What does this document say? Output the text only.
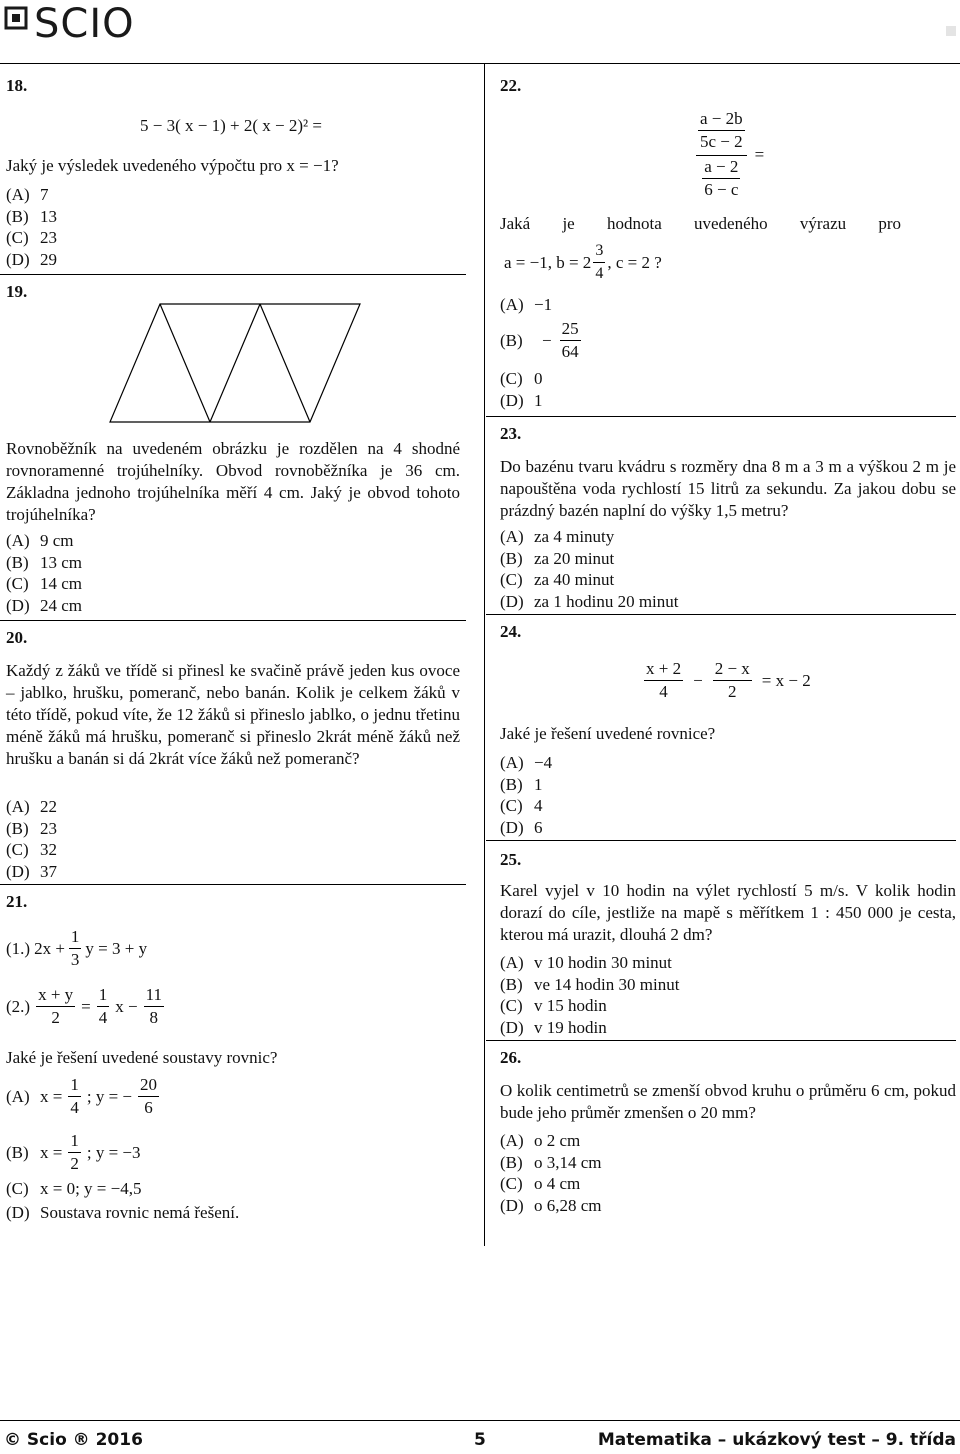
SCIO
18.
5 − 3( x − 1) + 2( x − 2)² =
Jaký je výsledek uvedeného výpočtu pro x = −1?
(A) 7
(B) 13
(C) 23
(D) 29
19.
Rovnoběžník na uvedeném obrázku je rozdělen na 4 shodné rovnoramenné trojúhelníky. Obvod rovnoběžníka je 36 cm. Základna jednoho trojúhelníka měří 4 cm. Jaký je obvod tohoto trojúhelníka?
(A) 9 cm
(B) 13 cm
(C) 14 cm
(D) 24 cm
20.
Každý z žáků ve třídě si přinesl ke svačině právě jeden kus ovoce – jablko, hrušku, pomeranč, nebo banán. Kolik je celkem žáků v této třídě, pokud víte, že 12 žáků si přineslo jablko, o jednu třetinu méně žáků má hrušku, pomeranč si přineslo 2krát méně žáků než hrušku a banán si dá 2krát více žáků než pomeranč?
(A) 22
(B) 23
(C) 32
(D) 37
21.
(1.) $2x + \frac{1}{3}$ y = 3 + y
$(2.) \frac{x + y}{2} = \frac{1}{4}$ $x - \frac{11}{8}$
Jaké je řešení uvedené soustavy rovnic?
(A) $x = \frac{1}{4}$ ; y = − $\frac{20}{6}$
(B) $x = \frac{1}{2}$ ; y = −3
(C) x = 0; y = −4,5
(D) Soustava rovnic nemá řešení.
22.
$\frac{\frac{a - 2b}{5c - 2}}{\frac{a - 2}{6 - c}}$ =
Jaká je hodnota uvedeného výrazu pro
a = −1, $b = 2 \frac{3}{4}$ , c = 2 ?
(A) −1
(B)	− $\frac{25}{64}$
(C) 0
(D) 1
23.
Do bazénu tvaru kvádru s rozměry dna 8 m a 3 m a výškou 2 m je napouštěna voda rychlostí 15 litrů za sekundu. Za jakou dobu se prázdný bazén naplní do výšky 1,5 metru?
(A) za 4 minuty
(B) za 20 minut
(C) za 40 minut
(D) za 1 hodinu 20 minut
24.
$\frac{x + 2}{4} - \frac{2 - x}{2} = x - 2$
Jaké je řešení uvedené rovnice?
(A) −4
(B) 1
(C) 4
(D) 6
25.
Karel vyjel v 10 hodin na výlet rychlostí 5 m/s. V kolik hodin dorazí do cíle, jestliže na mapě s měřítkem 1 : 450 000 je cesta, kterou má urazit, dlouhá 2 dm?
(A) v 10 hodin 30 minut
(B) ve 14 hodin 30 minut
(C) v 15 hodin
(D) v 19 hodin
26.
O kolik centimetrů se zmenší obvod kruhu o průměru 6 cm, pokud bude jeho průměr zmenšen o 20 mm?
(A) o 2 cm
(B) o 3,14 cm
(C) o 4 cm
(D) o 6,28 cm
© Scio ® 2016	5	Matematika – ukázkový test – 9. třída
